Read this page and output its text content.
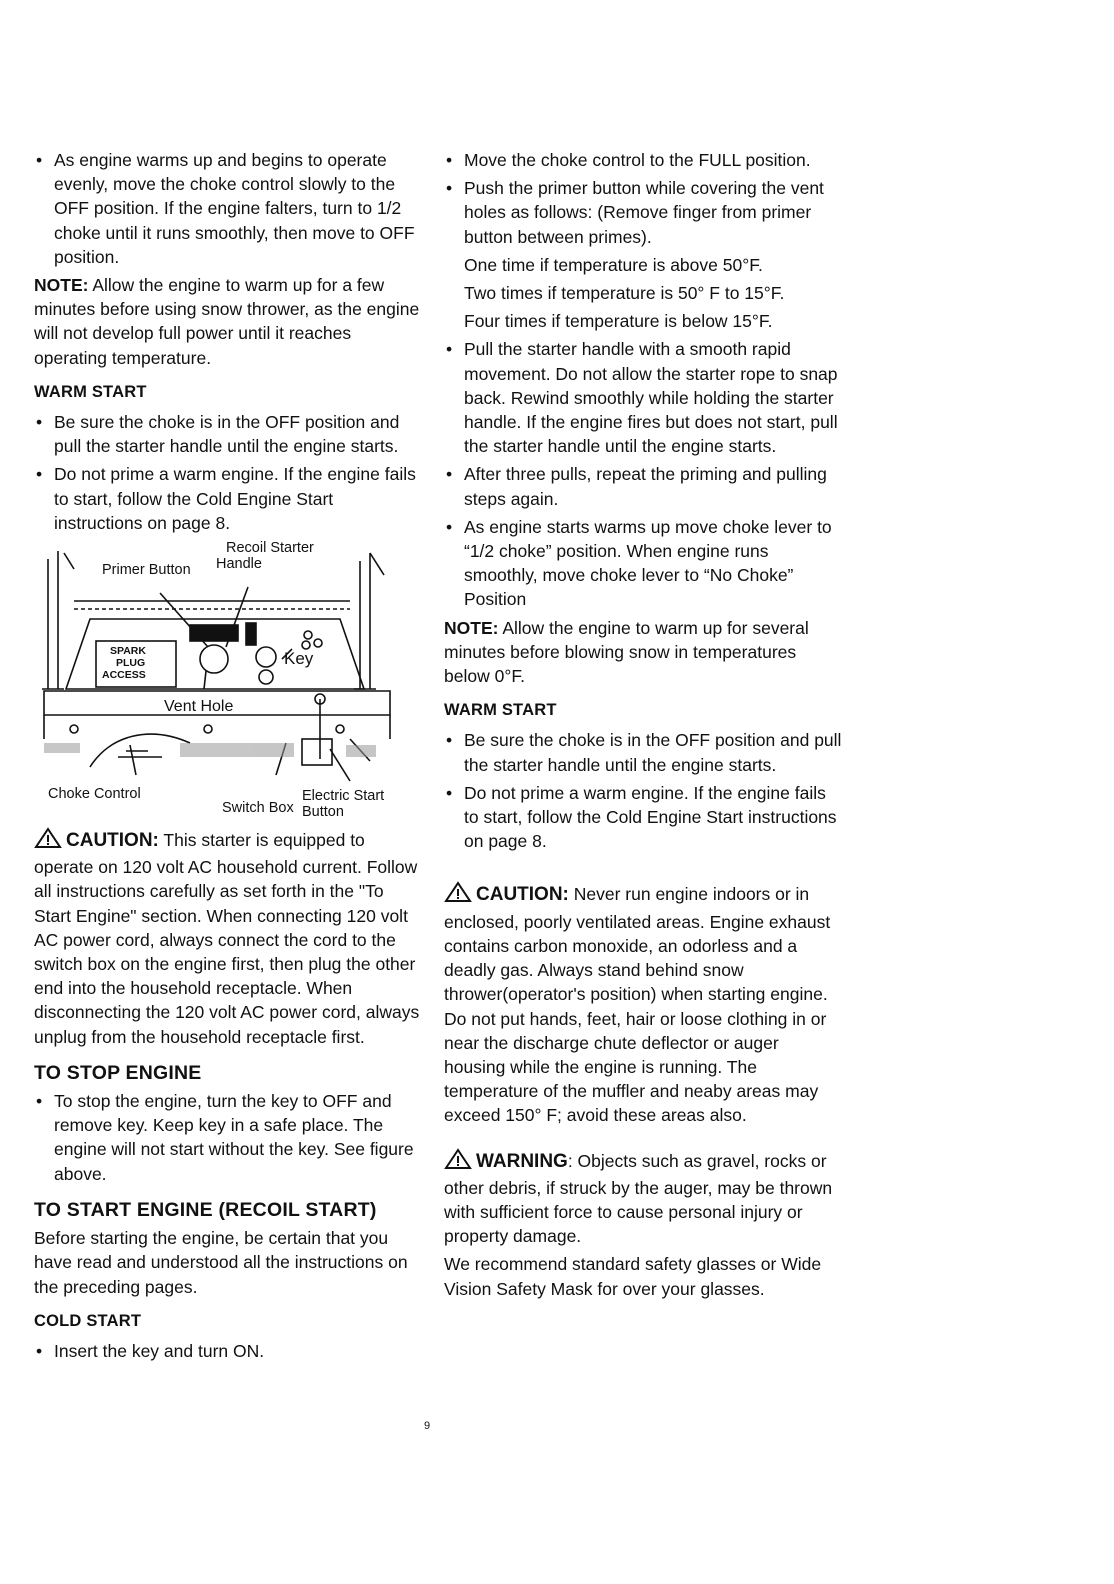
• As engine warms up and begins to operate evenly, move the choke control slowly to the OFF position. If the engine falters, turn to 1/2 choke until it runs smoothly, then move to OFF position.

NOTE: Allow the engine to warm up for a few minutes before using snow thrower, as the engine will not develop full power until it reaches operating temperature.

WARM START

• Be sure the choke is in the OFF position and pull the starter handle until the engine starts.

• Do not prime a warm engine. If the engine fails to start, follow the Cold Engine Start instructions on page 8.

Recoil Starter
Handle
Primer Button
SPARK
PLUG
ACCESS
Key
Vent Hole
Choke Control
Switch Box
Electric Start
Button

CAUTION: This starter is equipped to operate on 120 volt AC household current. Follow all instructions carefully as set forth in the "To Start Engine" section. When connecting 120 volt AC power cord, always connect the cord to the switch box on the engine first, then plug the other end into the household receptacle. When disconnecting the 120 volt AC power cord, always unplug from the household receptacle first.

TO STOP ENGINE

• To stop the engine, turn the key to OFF and remove key. Keep key in a safe place. The engine will not start without the key. See figure above.

TO START ENGINE (RECOIL START)

Before starting the engine, be certain that you have read and understood all the instructions on the preceding pages.

COLD START

• Insert the key and turn ON.

• Move the choke control to the FULL position.

• Push the primer button while covering the vent holes as follows: (Remove finger from primer button between primes).

One time if temperature is above 50°F.

Two times if temperature is 50° F to 15°F.

Four times if temperature is below 15°F.

• Pull the starter handle with a smooth rapid movement. Do not allow the starter rope to snap back. Rewind smoothly while holding the starter handle. If the engine fires but does not start, pull the starter handle until the engine starts.

• After three pulls, repeat the priming and pulling steps again.

• As engine starts warms up move choke lever to “1/2 choke” position. When engine runs smoothly, move choke lever to “No Choke” Position

NOTE: Allow the engine to warm up for several minutes before blowing snow in temperatures below 0°F.

WARM START

• Be sure the choke is in the OFF position and pull the starter handle until the engine starts.

• Do not prime a warm engine. If the engine fails to start, follow the Cold Engine Start instructions on page 8.

CAUTION: Never run engine indoors or in enclosed, poorly ventilated areas. Engine exhaust contains carbon monoxide, an odorless and a deadly gas. Always stand behind snow thrower(operator's position) when starting engine. Do not put hands, feet, hair or loose clothing in or near the discharge chute deflector or auger housing while the engine is running. The temperature of the muffler and neaby areas may exceed 150° F; avoid these areas also.

WARNING: Objects such as gravel, rocks or other debris, if struck by the auger, may be thrown with sufficient force to cause personal injury or property damage.

We recommend standard safety glasses or Wide Vision Safety Mask for over your glasses.

9
